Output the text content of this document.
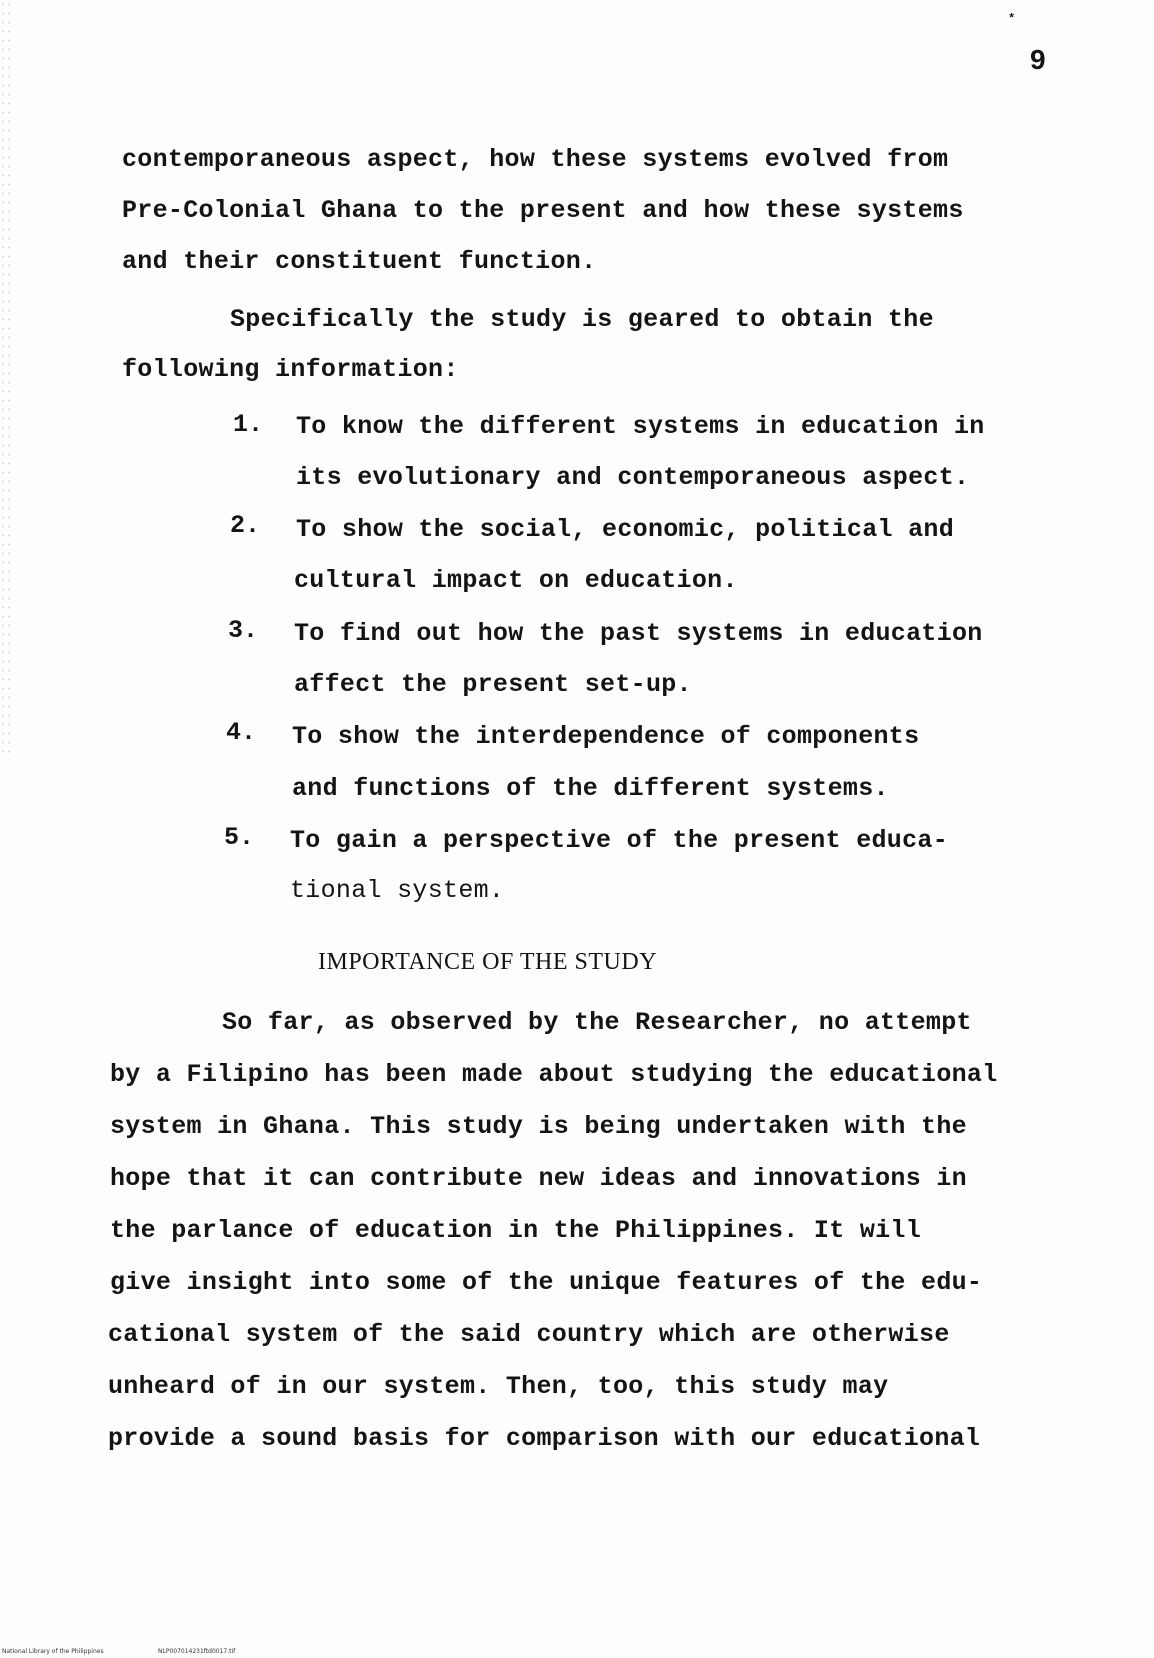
*
9
contemporaneous aspect, how these systems evolved from
Pre-Colonial Ghana to the present and how these systems
and their constituent function.
Specifically the study is geared to obtain the
following information:
1. To know the different systems in education in
its evolutionary and contemporaneous aspect.
2. To show the social, economic, political and
cultural impact on education.
3. To find out how the past systems in education
affect the present set-up.
4. To show the interdependence of components
and functions of the different systems.
5. To gain a perspective of the present educa-
tional system.
IMPORTANCE OF THE STUDY
So far, as observed by the Researcher, no attempt
by a Filipino has been made about studying the educational
system in Ghana. This study is being undertaken with the
hope that it can contribute new ideas and innovations in
the parlance of education in the Philippines. It will
give insight into some of the unique features of the edu-
cational system of the said country which are otherwise
unheard of in our system. Then, too, this study may
provide a sound basis for comparison with our educational
National Library of the Philippines	NLP007014231ftd0017.tif
